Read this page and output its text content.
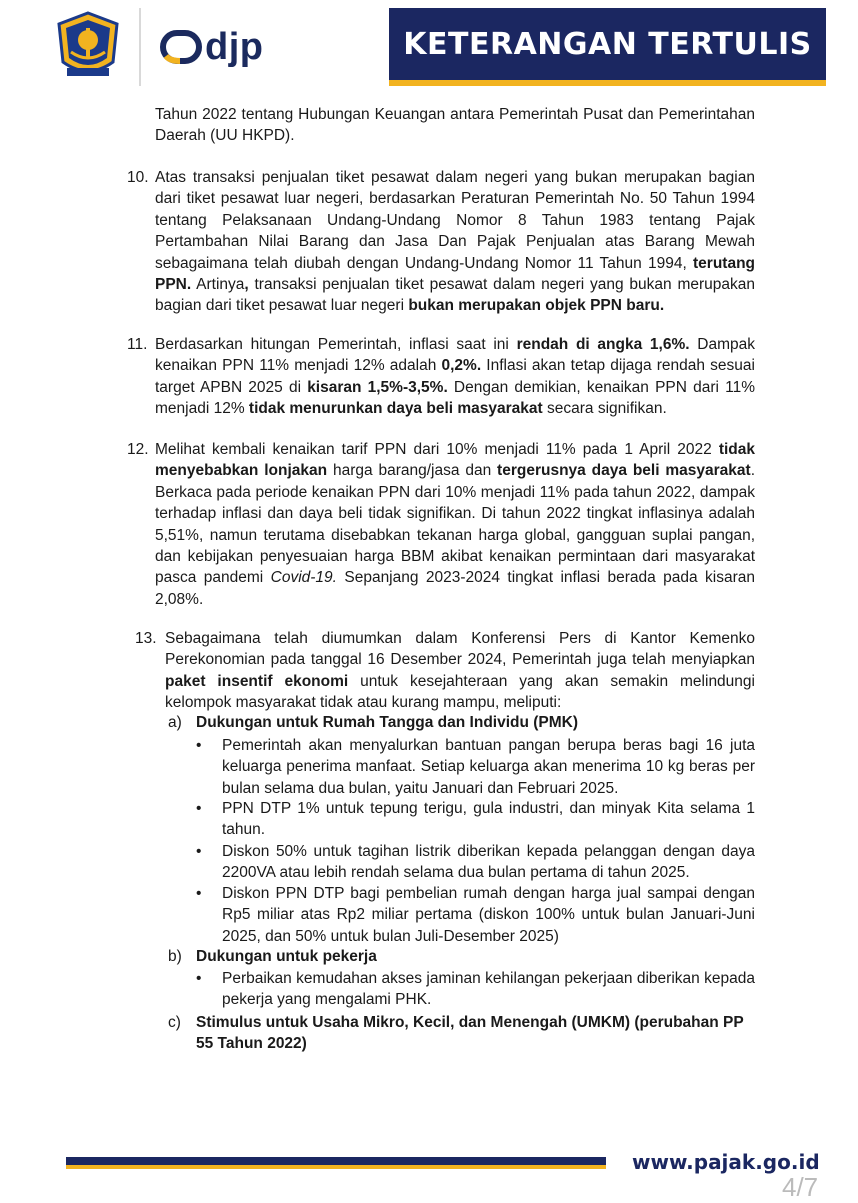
djp	KETERANGAN TERTULIS
Tahun 2022 tentang Hubungan Keuangan antara Pemerintah Pusat dan Pemerintahan Daerah (UU HKPD).
10. Atas transaksi penjualan tiket pesawat dalam negeri yang bukan merupakan bagian dari tiket pesawat luar negeri, berdasarkan Peraturan Pemerintah No. 50 Tahun 1994 tentang Pelaksanaan Undang-Undang Nomor 8 Tahun 1983 tentang Pajak Pertambahan Nilai Barang dan Jasa Dan Pajak Penjualan atas Barang Mewah sebagaimana telah diubah dengan Undang-Undang Nomor 11 Tahun 1994, terutang PPN. Artinya, transaksi penjualan tiket pesawat dalam negeri yang bukan merupakan bagian dari tiket pesawat luar negeri bukan merupakan objek PPN baru.
11. Berdasarkan hitungan Pemerintah, inflasi saat ini rendah di angka 1,6%. Dampak kenaikan PPN 11% menjadi 12% adalah 0,2%. Inflasi akan tetap dijaga rendah sesuai target APBN 2025 di kisaran 1,5%-3,5%. Dengan demikian, kenaikan PPN dari 11% menjadi 12% tidak menurunkan daya beli masyarakat secara signifikan.
12. Melihat kembali kenaikan tarif PPN dari 10% menjadi 11% pada 1 April 2022 tidak menyebabkan lonjakan harga barang/jasa dan tergerusnya daya beli masyarakat. Berkaca pada periode kenaikan PPN dari 10% menjadi 11% pada tahun 2022, dampak terhadap inflasi dan daya beli tidak signifikan. Di tahun 2022 tingkat inflasinya adalah 5,51%, namun terutama disebabkan tekanan harga global, gangguan suplai pangan, dan kebijakan penyesuaian harga BBM akibat kenaikan permintaan dari masyarakat pasca pandemi Covid-19. Sepanjang 2023-2024 tingkat inflasi berada pada kisaran 2,08%.
13. Sebagaimana telah diumumkan dalam Konferensi Pers di Kantor Kemenko Perekonomian pada tanggal 16 Desember 2024, Pemerintah juga telah menyiapkan paket insentif ekonomi untuk kesejahteraan yang akan semakin melindungi kelompok masyarakat tidak atau kurang mampu, meliputi:
a) Dukungan untuk Rumah Tangga dan Individu (PMK)
• Pemerintah akan menyalurkan bantuan pangan berupa beras bagi 16 juta keluarga penerima manfaat. Setiap keluarga akan menerima 10 kg beras per bulan selama dua bulan, yaitu Januari dan Februari 2025.
• PPN DTP 1% untuk tepung terigu, gula industri, dan minyak Kita selama 1 tahun.
• Diskon 50% untuk tagihan listrik diberikan kepada pelanggan dengan daya 2200VA atau lebih rendah selama dua bulan pertama di tahun 2025.
• Diskon PPN DTP bagi pembelian rumah dengan harga jual sampai dengan Rp5 miliar atas Rp2 miliar pertama (diskon 100% untuk bulan Januari-Juni 2025, dan 50% untuk bulan Juli-Desember 2025)
b) Dukungan untuk pekerja
• Perbaikan kemudahan akses jaminan kehilangan pekerjaan diberikan kepada pekerja yang mengalami PHK.
c) Stimulus untuk Usaha Mikro, Kecil, dan Menengah (UMKM) (perubahan PP 55 Tahun 2022)
www.pajak.go.id
4/7
